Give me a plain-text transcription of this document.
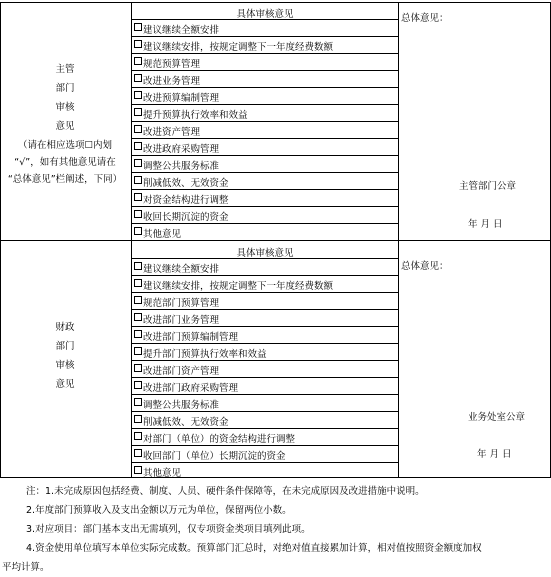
主管
部门
审核
意见
（请在相应选项☐内划
“√”，如有其他意见请在
“总体意见”栏阐述，下同）
具体审核意见
建议继续全额安排
建议继续安排，按规定调整下一年度经费数额
规范预算管理
改进业务管理
改进预算编制管理
提升预算执行效率和效益
改进资产管理
改进政府采购管理
调整公共服务标准
削减低效、无效资金
对资金结构进行调整
收回长期沉淀的资金
其他意见
总体意见：
主管部门公章
年 月 日
财政
部门
审核
意见
具体审核意见
建议继续全额安排
建议继续安排，按规定调整下一年度经费数额
规范部门预算管理
改进部门业务管理
改进部门预算编制管理
提升部门预算执行效率和效益
改进部门资产管理
改进部门政府采购管理
调整公共服务标准
削减低效、无效资金
对部门（单位）的资金结构进行调整
收回部门（单位）长期沉淀的资金
其他意见
总体意见：
业务处室公章
年 月 日
注：1.未完成原因包括经费、制度、人员、硬件条件保障等，在未完成原因及改进措施中说明。
2.年度部门预算收入及支出金额以万元为单位，保留两位小数。
3.对应项目：部门基本支出无需填列，仅专项资金类项目填列此项。
4.资金使用单位填写本单位实际完成数。预算部门汇总时，对绝对值直接累加计算，相对值按照资金额度加权
平均计算。
